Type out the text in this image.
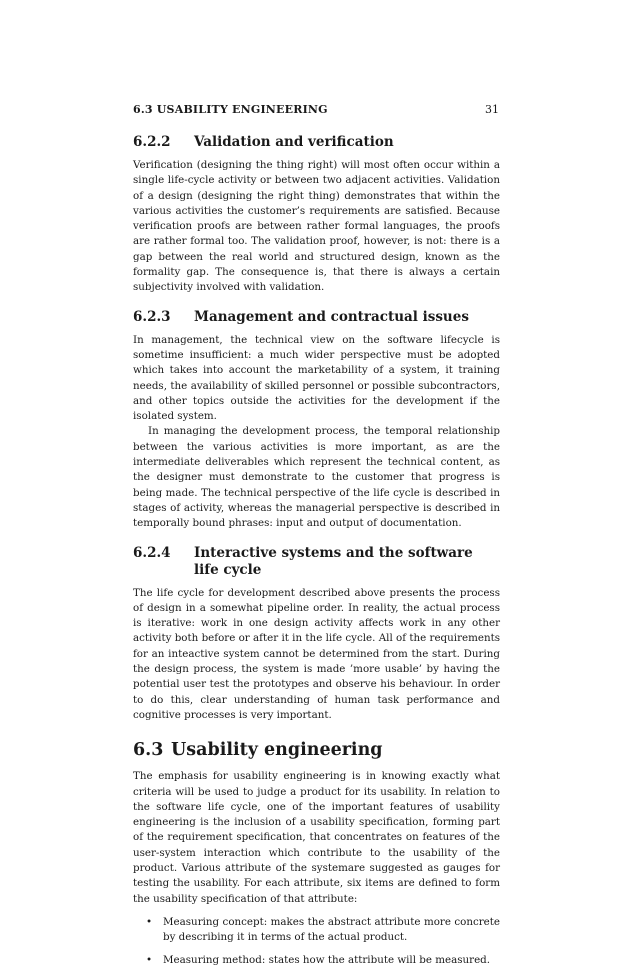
6.3 USABILITY ENGINEERING	31
6.2.2	Validation and verification

Verification (designing the thing right) will most often occur within a single life-cycle activity or between two adjacent activities. Validation of a design (designing the right thing) demonstrates that within the various activities the customer’s requirements are satisfied. Because verification proofs are between rather formal languages, the proofs are rather formal too. The validation proof, however, is not: there is a gap between the real world and structured design, known as the formality gap. The consequence is, that there is always a certain subjectivity involved with validation.

6.2.3	Management and contractual issues

In management, the technical view on the software lifecycle is sometime insufficient: a much wider perspective must be adopted which takes into account the marketability of a system, it training needs, the availability of skilled personnel or possible subcontractors, and other topics outside the activities for the development if the isolated system.

In managing the development process, the temporal relationship between the various activities is more important, as are the intermediate deliverables which represent the technical content, as the designer must demonstrate to the customer that progress is being made. The technical perspective of the life cycle is described in stages of activity, whereas the managerial perspective is described in temporally bound phrases: input and output of documentation.

6.2.4	Interactive systems and the software life cycle

The life cycle for development described above presents the process of design in a somewhat pipeline order. In reality, the actual process is iterative: work in one design activity affects work in any other activity both before or after it in the life cycle. All of the requirements for an inteactive system cannot be determined from the start. During the design process, the system is made ’more usable’ by having the potential user test the prototypes and observe his behaviour. In order to do this, clear understanding of human task performance and cognitive processes is very important.

6.3 Usability engineering

The emphasis for usability engineering is in knowing exactly what criteria will be used to judge a product for its usability. In relation to the software life cycle, one of the important features of usability engineering is the inclusion of a usability specification, forming part of the requirement specification, that concentrates on features of the user-system interaction which contribute to the usability of the product. Various attribute of the systemare suggested as gauges for testing the usability. For each attribute, six items are defined to form the usability specification of that attribute:

• Measuring concept: makes the abstract attribute more concrete by describing it in terms of the actual product.
• Measuring method: states how the attribute will be measured.
